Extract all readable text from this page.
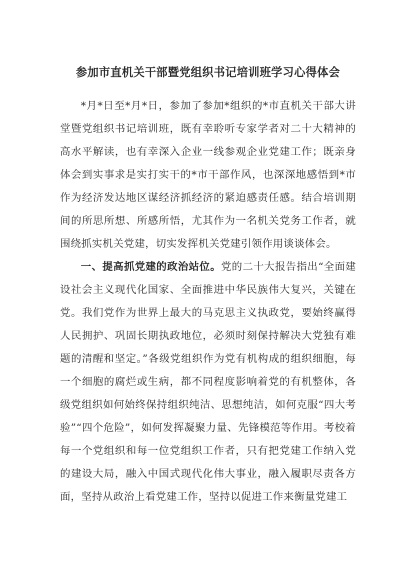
参加市直机关干部暨党组织书记培训班学习心得体会

*月*日至*月*日，参加了参加*组织的*市直机关干部大讲堂暨党组织书记培训班，既有幸聆听专家学者对二十大精神的高水平解读，也有幸深入企业一线参观企业党建工作；既亲身体会到实事求是实打实干的*市干部作风，也深深地感悟到*市作为经济发达地区谋经济抓经济的紧迫感责任感。结合培训期间的所思所想、所感所悟，尤其作为一名机关党务工作者，就围绕抓实机关党建，切实发挥机关党建引领作用谈谈体会。

一、提高抓党建的政治站位。党的二十大报告指出“全面建设社会主义现代化国家、全面推进中华民族伟大复兴，关键在党。我们党作为世界上最大的马克思主义执政党，要始终赢得人民拥护、巩固长期执政地位，必须时刻保持解决大党独有难题的清醒和坚定。”各级党组织作为党有机构成的组织细胞，每一个细胞的腐烂或生病，都不同程度影响着党的有机整体，各级党组织如何始终保持组织纯洁、思想纯洁，如何克服“四大考验”“四个危险”，如何发挥凝聚力量、先锋模范等作用。考校着每一个党组织和每一位党组织工作者，只有把党建工作纳入党的建设大局，融入中国式现代化伟大事业，融入履职尽责各方面，坚持从政治上看党建工作，坚持以促进工作来衡量党建工
